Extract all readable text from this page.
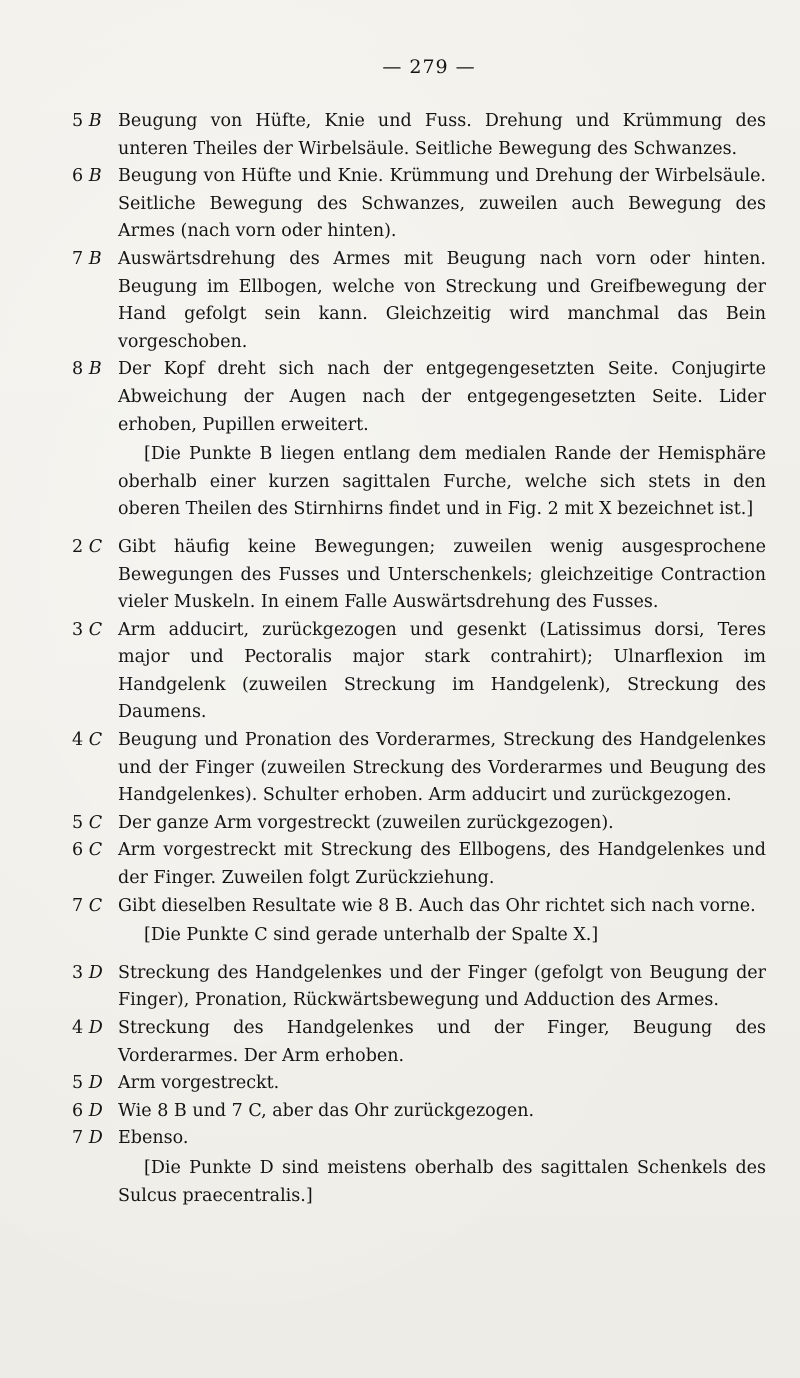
— 279 —
5 B Beugung von Hüfte, Knie und Fuss. Drehung und Krümmung des unteren Theiles der Wirbelsäule. Seitliche Bewegung des Schwanzes.
6 B Beugung von Hüfte und Knie. Krümmung und Drehung der Wirbelsäule. Seitliche Bewegung des Schwanzes, zuweilen auch Bewegung des Armes (nach vorn oder hinten).
7 B Auswärtsdrehung des Armes mit Beugung nach vorn oder hinten. Beugung im Ellbogen, welche von Streckung und Greifbewegung der Hand gefolgt sein kann. Gleichzeitig wird manchmal das Bein vorgeschoben.
8 B Der Kopf dreht sich nach der entgegengesetzten Seite. Conjugirte Abweichung der Augen nach der entgegengesetzten Seite. Lider erhoben, Pupillen erweitert.
[Die Punkte B liegen entlang dem medialen Rande der Hemisphäre oberhalb einer kurzen sagittalen Furche, welche sich stets in den oberen Theilen des Stirnhirns findet und in Fig. 2 mit X bezeichnet ist.]
2 C Gibt häufig keine Bewegungen; zuweilen wenig ausgesprochene Bewegungen des Fusses und Unterschenkels; gleichzeitige Contraction vieler Muskeln. In einem Falle Auswärtsdrehung des Fusses.
3 C Arm adducirt, zurückgezogen und gesenkt (Latissimus dorsi, Teres major und Pectoralis major stark contrahirt); Ulnarflexion im Handgelenk (zuweilen Streckung im Handgelenk), Streckung des Daumens.
4 C Beugung und Pronation des Vorderarmes, Streckung des Handgelenkes und der Finger (zuweilen Streckung des Vorderarmes und Beugung des Handgelenkes). Schulter erhoben. Arm adducirt und zurückgezogen.
5 C Der ganze Arm vorgestreckt (zuweilen zurückgezogen).
6 C Arm vorgestreckt mit Streckung des Ellbogens, des Handgelenkes und der Finger. Zuweilen folgt Zurückziehung.
7 C Gibt dieselben Resultate wie 8 B. Auch das Ohr richtet sich nach vorne.
[Die Punkte C sind gerade unterhalb der Spalte X.]
3 D Streckung des Handgelenkes und der Finger (gefolgt von Beugung der Finger), Pronation, Rückwärtsbewegung und Adduction des Armes.
4 D Streckung des Handgelenkes und der Finger, Beugung des Vorderarmes. Der Arm erhoben.
5 D Arm vorgestreckt.
6 D Wie 8 B und 7 C, aber das Ohr zurückgezogen.
7 D Ebenso.
[Die Punkte D sind meistens oberhalb des sagittalen Schenkels des Sulcus praecentralis.]
